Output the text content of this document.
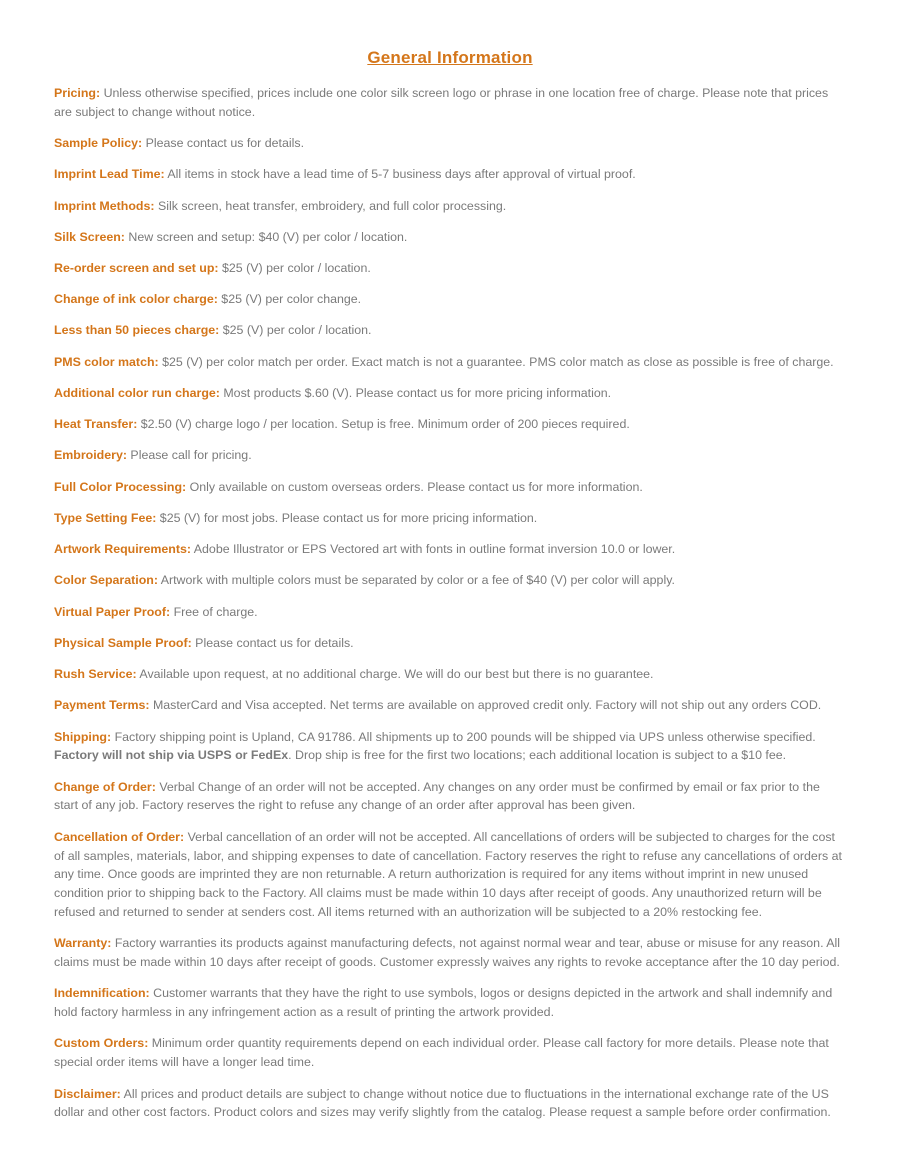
General Information

Pricing: Unless otherwise specified, prices include one color silk screen logo or phrase in one location free of charge. Please note that prices are subject to change without notice.

Sample Policy: Please contact us for details.

Imprint Lead Time: All items in stock have a lead time of 5-7 business days after approval of virtual proof.

Imprint Methods: Silk screen, heat transfer, embroidery, and full color processing.

Silk Screen: New screen and setup: $40 (V) per color / location.

Re-order screen and set up: $25 (V) per color / location.

Change of ink color charge: $25 (V) per color change.

Less than 50 pieces charge: $25 (V) per color / location.

PMS color match: $25 (V) per color match per order. Exact match is not a guarantee. PMS color match as close as possible is free of charge.

Additional color run charge: Most products $.60 (V). Please contact us for more pricing information.

Heat Transfer: $2.50 (V) charge logo / per location. Setup is free. Minimum order of 200 pieces required.

Embroidery: Please call for pricing.

Full Color Processing: Only available on custom overseas orders. Please contact us for more information.

Type Setting Fee: $25 (V) for most jobs. Please contact us for more pricing information.

Artwork Requirements: Adobe Illustrator or EPS Vectored art with fonts in outline format inversion 10.0 or lower.

Color Separation: Artwork with multiple colors must be separated by color or a fee of $40 (V) per color will apply.

Virtual Paper Proof: Free of charge.

Physical Sample Proof: Please contact us for details.

Rush Service: Available upon request, at no additional charge. We will do our best but there is no guarantee.

Payment Terms: MasterCard and Visa accepted. Net terms are available on approved credit only. Factory will not ship out any orders COD.

Shipping: Factory shipping point is Upland, CA 91786. All shipments up to 200 pounds will be shipped via UPS unless otherwise specified. Factory will not ship via USPS or FedEx. Drop ship is free for the first two locations; each additional location is subject to a $10 fee.

Change of Order: Verbal Change of an order will not be accepted. Any changes on any order must be confirmed by email or fax prior to the start of any job. Factory reserves the right to refuse any change of an order after approval has been given.

Cancellation of Order: Verbal cancellation of an order will not be accepted. All cancellations of orders will be subjected to charges for the cost of all samples, materials, labor, and shipping expenses to date of cancellation. Factory reserves the right to refuse any cancellations of orders at any time. Once goods are imprinted they are non returnable. A return authorization is required for any items without imprint in new unused condition prior to shipping back to the Factory. All claims must be made within 10 days after receipt of goods. Any unauthorized return will be refused and returned to sender at senders cost. All items returned with an authorization will be subjected to a 20% restocking fee.

Warranty: Factory warranties its products against manufacturing defects, not against normal wear and tear, abuse or misuse for any reason. All claims must be made within 10 days after receipt of goods. Customer expressly waives any rights to revoke acceptance after the 10 day period.

Indemnification: Customer warrants that they have the right to use symbols, logos or designs depicted in the artwork and shall indemnify and hold factory harmless in any infringement action as a result of printing the artwork provided.

Custom Orders: Minimum order quantity requirements depend on each individual order. Please call factory for more details. Please note that special order items will have a longer lead time.

Disclaimer: All prices and product details are subject to change without notice due to fluctuations in the international exchange rate of the US dollar and other cost factors. Product colors and sizes may verify slightly from the catalog. Please request a sample before order confirmation.
